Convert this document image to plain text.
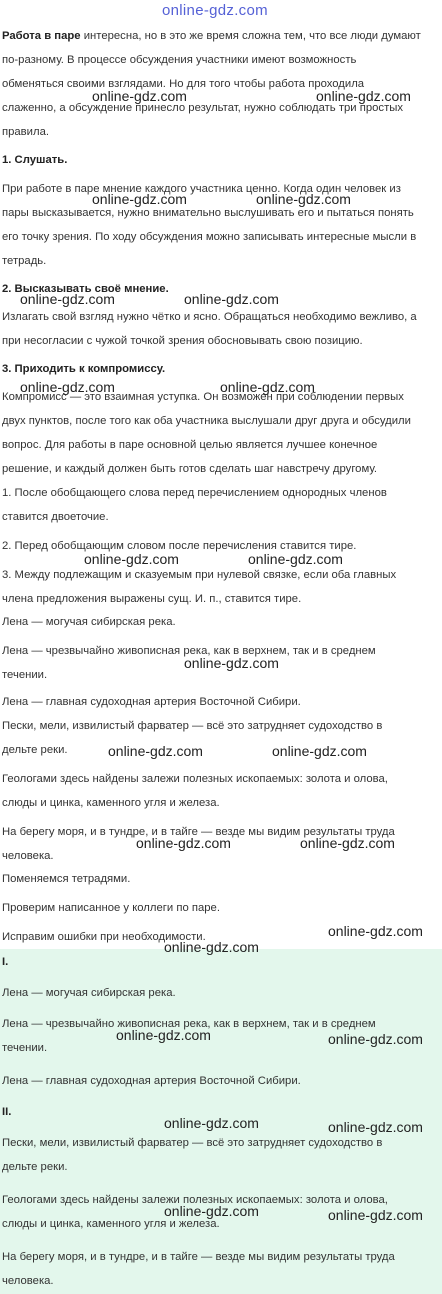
Работа в паре интересна, но в это же время сложна тем, что все люди думают

по-разному. В процессе обсуждения участники имеют возможность

обменяться своими взглядами. Но для того чтобы работа проходила

слаженно, а обсуждение принесло результат, нужно соблюдать три простых

правила.

1. Слушать.

При работе в паре мнение каждого участника ценно. Когда один человек из

пары высказывается, нужно внимательно выслушивать его и пытаться понять

его точку зрения. По ходу обсуждения можно записывать интересные мысли в

тетрадь.

2. Высказывать своё мнение.

Излагать свой взгляд нужно чётко и ясно. Обращаться необходимо вежливо, а

при несогласии с чужой точкой зрения обосновывать свою позицию.

3. Приходить к компромиссу.

Компромисс — это взаимная уступка. Он возможен при соблюдении первых

двух пунктов, после того как оба участника выслушали друг друга и обсудили

вопрос. Для работы в паре основной целью является лучшее конечное

решение, и каждый должен быть готов сделать шаг навстречу другому.

1. После обобщающего слова перед перечислением однородных членов

ставится двоеточие.

2. Перед обобщающим словом после перечисления ставится тире.

3. Между подлежащим и сказуемым при нулевой связке, если оба главных

члена предложения выражены сущ. И. п., ставится тире.

Лена — могучая сибирская река.

Лена — чрезвычайно живописная река, как в верхнем, так и в среднем

течении.

Лена — главная судоходная артерия Восточной Сибири.

Пески, мели, извилистый фарватер — всё это затрудняет судоходство в

дельте реки.

Геологами здесь найдены залежи полезных ископаемых: золота и олова,

слюды и цинка, каменного угля и железа.

На берегу моря, и в тундре, и в тайге — везде мы видим результаты труда

человека.

Поменяемся тетрадями.

Проверим написанное у коллеги по паре.

Исправим ошибки при необходимости.

I.

Лена — могучая сибирская река.

Лена — чрезвычайно живописная река, как в верхнем, так и в среднем

течении.

Лена — главная судоходная артерия Восточной Сибири.

II.

Пески, мели, извилистый фарватер — всё это затрудняет судоходство в

дельте реки.

Геологами здесь найдены залежи полезных ископаемых: золота и олова,

слюды и цинка, каменного угля и железа.

На берегу моря, и в тундре, и в тайге — везде мы видим результаты труда

человека.

online-gdz.com
online-gdz.com	online-gdz.com
online-gdz.com	online-gdz.com
online-gdz.com	online-gdz.com
online-gdz.com	online-gdz.com
online-gdz.com	online-gdz.com
online-gdz.com
online-gdz.com	online-gdz.com
online-gdz.com	online-gdz.com
online-gdz.com
online-gdz.com
online-gdz.com	online-gdz.com
online-gdz.com	online-gdz.com
online-gdz.com	online-gdz.com
